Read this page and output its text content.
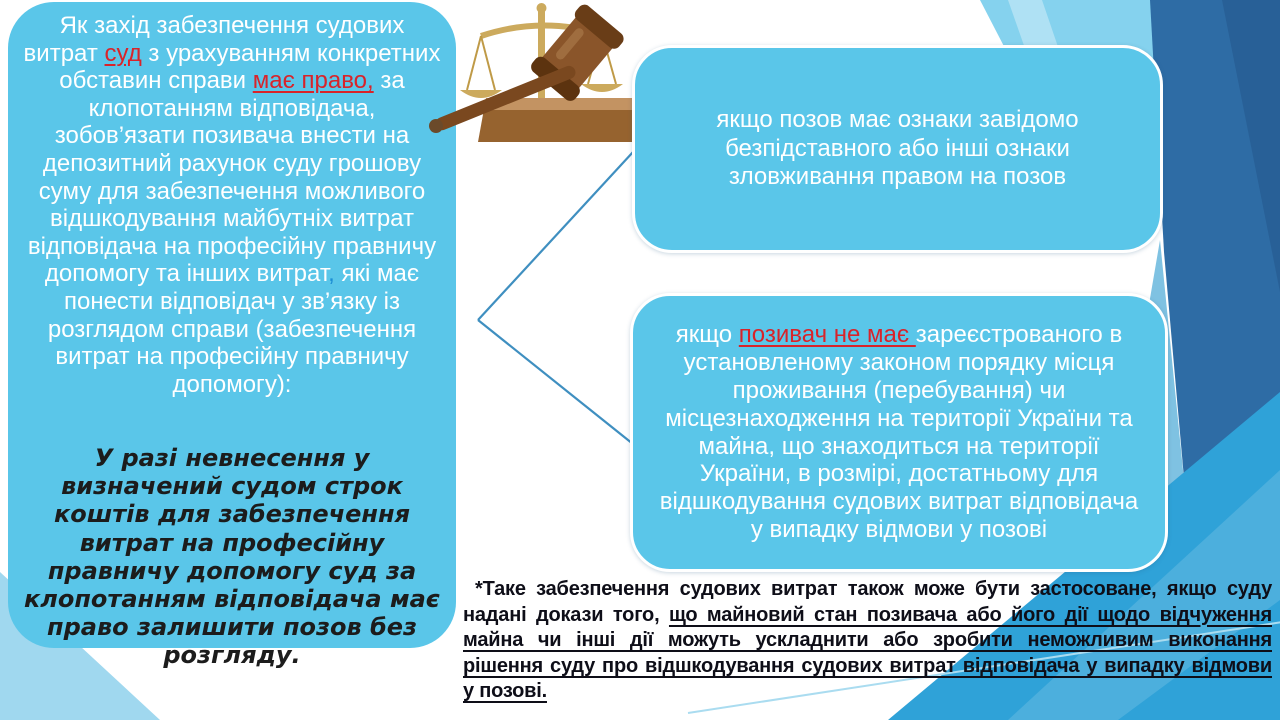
Як захід забезпечення судових витрат суд з урахуванням конкретних обставин справи має право, за клопотанням відповідача, зобов’язати позивача внести на депозитний рахунок суду грошову суму для забезпечення можливого відшкодування майбутніх витрат відповідача на професійну правничу допомогу та інших витрат, які має понести відповідач у зв’язку із розглядом справи (забезпечення витрат на професійну правничу допомогу):

У разі невнесення у визначений судом строк коштів для забезпечення витрат на професійну правничу допомогу суд за клопотанням відповідача має право залишити позов без розгляду.

якщо позов має ознаки завідомо безпідставного або інші ознаки зловживання правом на позов

якщо позивач не має зареєстрованого в установленому законом порядку місця проживання (перебування) чи місцезнаходження на території України та майна, що знаходиться на території України, в розмірі, достатньому для відшкодування судових витрат відповідача у випадку відмови у позові

*Таке забезпечення судових витрат також може бути застосоване, якщо суду надані докази того, що майновий стан позивача або його дії щодо відчуження майна чи інші дії можуть ускладнити або зробити неможливим виконання рішення суду про відшкодування судових витрат відповідача у випадку відмови у позові.
